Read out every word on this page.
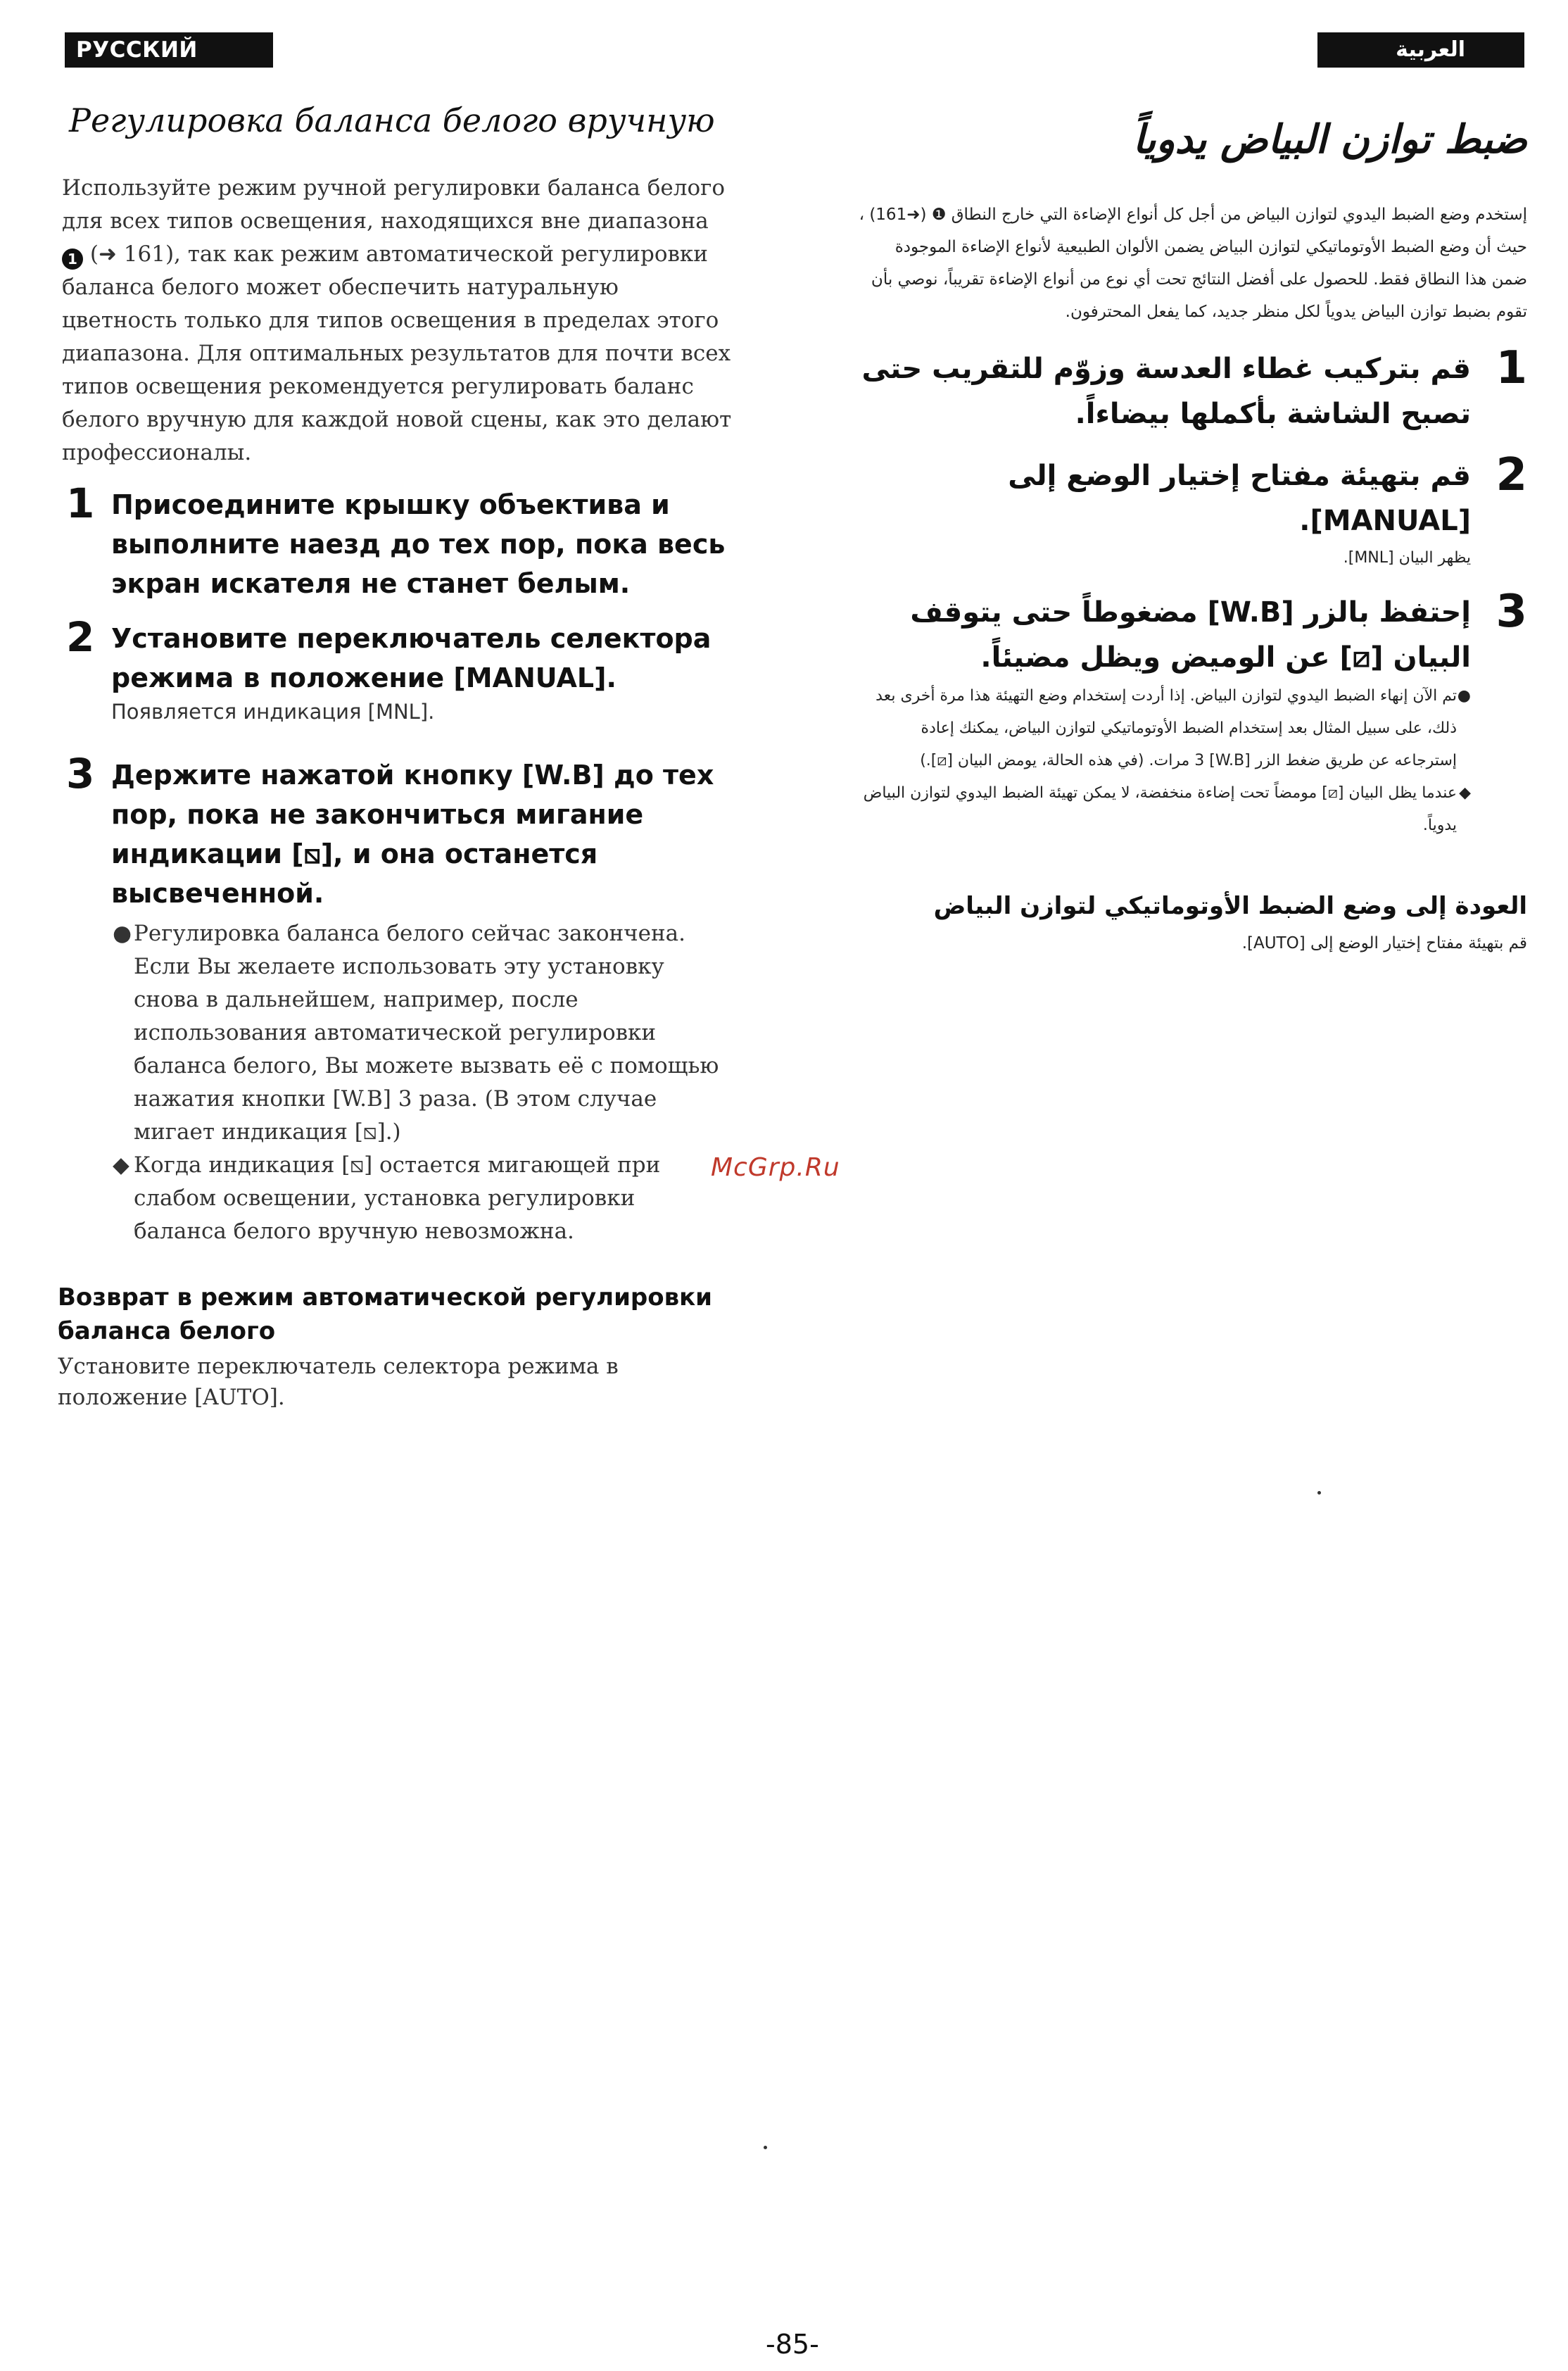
РУССКИЙ ЯЗЫК
العربية
Регулировка баланса белого вручную

Используйте режим ручной регулировки баланса белого для всех типов освещения, находящихся вне диапазона 1 (➜ 161), так как режим автоматической регулировки баланса белого может обеспечить натуральную цветность только для типов освещения в пределах этого диапазона. Для оптимальных результатов для почти всех типов освещения рекомендуется регулировать баланс белого вручную для каждой новой сцены, как это делают профессионалы.

1 Присоедините крышку объектива и выполните наезд до тех пор, пока весь экран искателя не станет белым.
2 Установите переключатель селектора режима в положение [MANUAL].
Появляется индикация [MNL].
3 Держите нажатой кнопку [W.B] до тех пор, пока не закончиться мигание индикации [⧅], и она останется высвеченной.
● Регулировка баланса белого сейчас закончена. Если Вы желаете использовать эту установку снова в дальнейшем, например, после использования автоматической регулировки баланса белого, Вы можете вызвать её с помощью нажатия кнопки [W.B] 3 раза. (В этом случае мигает индикация [⧅].)
◆ Когда индикация [⧅] остается мигающей при слабом освещении, установка регулировки баланса белого вручную невозможна.
Возврат в режим автоматической регулировки баланса белого
Установите переключатель селектора режима в положение [AUTO].
ضبط توازن البياض يدوياً

إستخدم وضع الضبط اليدوي لتوازن البياض من أجل كل أنواع الإضاءة التي خارج النطاق ❶ (➜161) ، حيث أن وضع الضبط الأوتوماتيكي لتوازن البياض يضمن الألوان الطبيعية لأنواع الإضاءة الموجودة ضمن هذا النطاق فقط. للحصول على أفضل النتائج تحت أي نوع من أنواع الإضاءة تقريباً، نوصي بأن تقوم بضبط توازن البياض يدوياً لكل منظر جديد، كما يفعل المحترفون.

1
قم بتركيب غطاء العدسة وزوّم للتقريب حتى تصبح الشاشة بأكملها بيضاءاً.
2
قم بتهيئة مفتاح إختيار الوضع إلى [MANUAL].
يظهر البيان [MNL].
3
إحتفظ بالزر [W.B] مضغوطاً حتى يتوقف البيان [⧅] عن الوميض ويظل مضيئاً.
●
تم الآن إنهاء الضبط اليدوي لتوازن البياض. إذا أردت إستخدام وضع التهيئة هذا مرة أخرى بعد ذلك، على سبيل المثال بعد إستخدام الضبط الأوتوماتيكي لتوازن البياض، يمكنك إعادة إسترجاعه عن طريق ضغط الزر [W.B] 3 مرات. (في هذه الحالة، يومض البيان [⧅].)
◆
عندما يظل البيان [⧅] مومضاً تحت إضاءة منخفضة، لا يمكن تهيئة الضبط اليدوي لتوازن البياض يدوياً.
العودة إلى وضع الضبط الأوتوماتيكي لتوازن البياض
قم بتهيئة مفتاح إختيار الوضع إلى [AUTO].
McGrp.Ru
-85-
